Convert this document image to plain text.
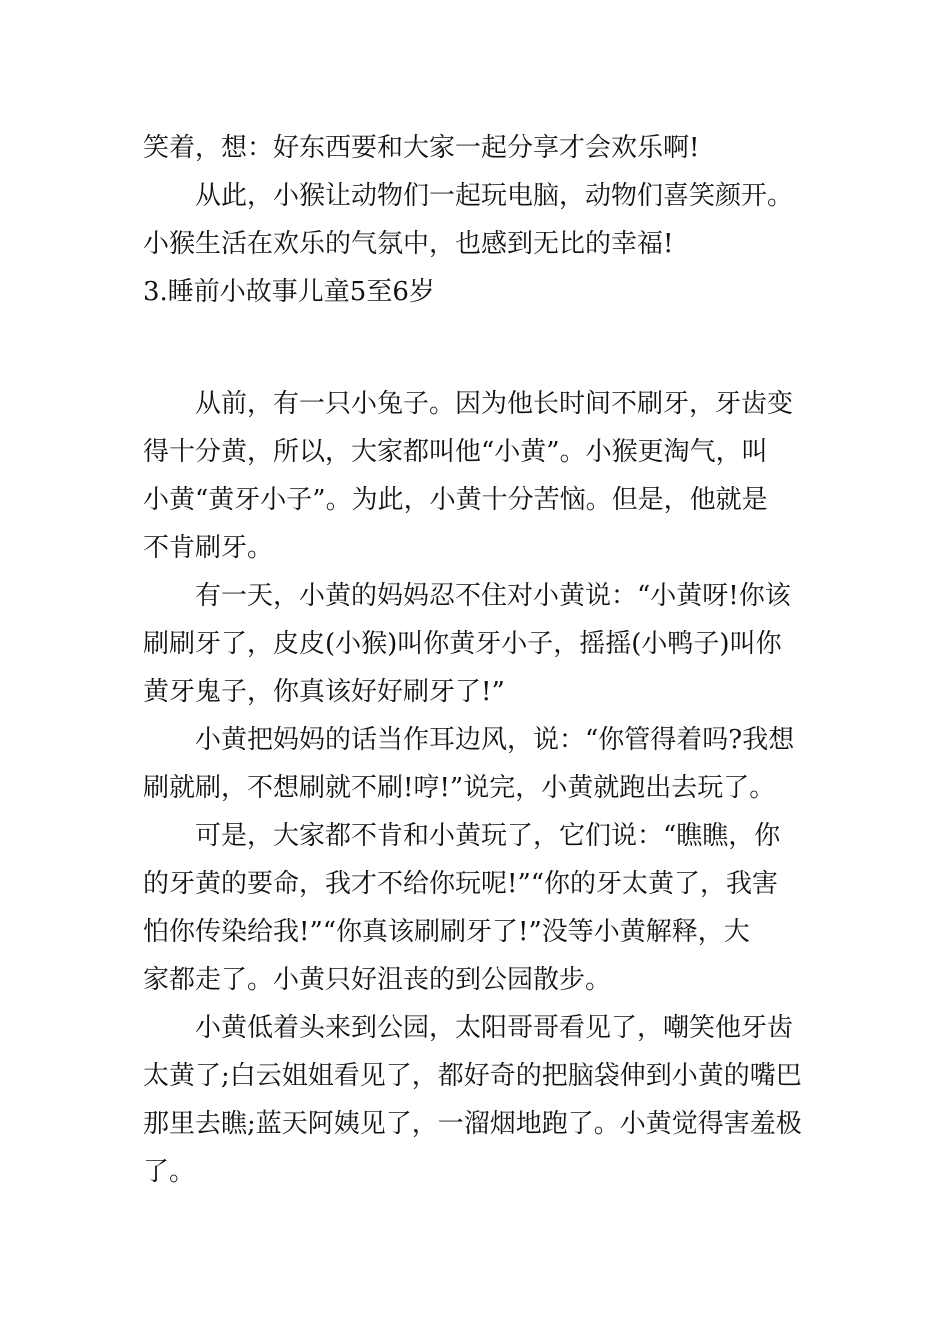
笑着，想：好东西要和大家一起分享才会欢乐啊!
从此，小猴让动物们一起玩电脑，动物们喜笑颜开。
小猴生活在欢乐的气氛中，也感到无比的幸福!
3.睡前小故事儿童5至6岁
从前，有一只小兔子。因为他长时间不刷牙，牙齿变
得十分黄，所以，大家都叫他“小黄”。小猴更淘气，叫
小黄“黄牙小子”。为此，小黄十分苦恼。但是，他就是
不肯刷牙。
有一天，小黄的妈妈忍不住对小黄说：“小黄呀!你该
刷刷牙了，皮皮(小猴)叫你黄牙小子，摇摇(小鸭子)叫你
黄牙鬼子，你真该好好刷牙了!”
小黄把妈妈的话当作耳边风，说：“你管得着吗?我想
刷就刷，不想刷就不刷!哼!”说完，小黄就跑出去玩了。
可是，大家都不肯和小黄玩了，它们说：“瞧瞧，你
的牙黄的要命，我才不给你玩呢!”“你的牙太黄了，我害
怕你传染给我!”“你真该刷刷牙了!”没等小黄解释，大
家都走了。小黄只好沮丧的到公园散步。
小黄低着头来到公园，太阳哥哥看见了，嘲笑他牙齿
太黄了;白云姐姐看见了，都好奇的把脑袋伸到小黄的嘴巴
那里去瞧;蓝天阿姨见了，一溜烟地跑了。小黄觉得害羞极
了。
